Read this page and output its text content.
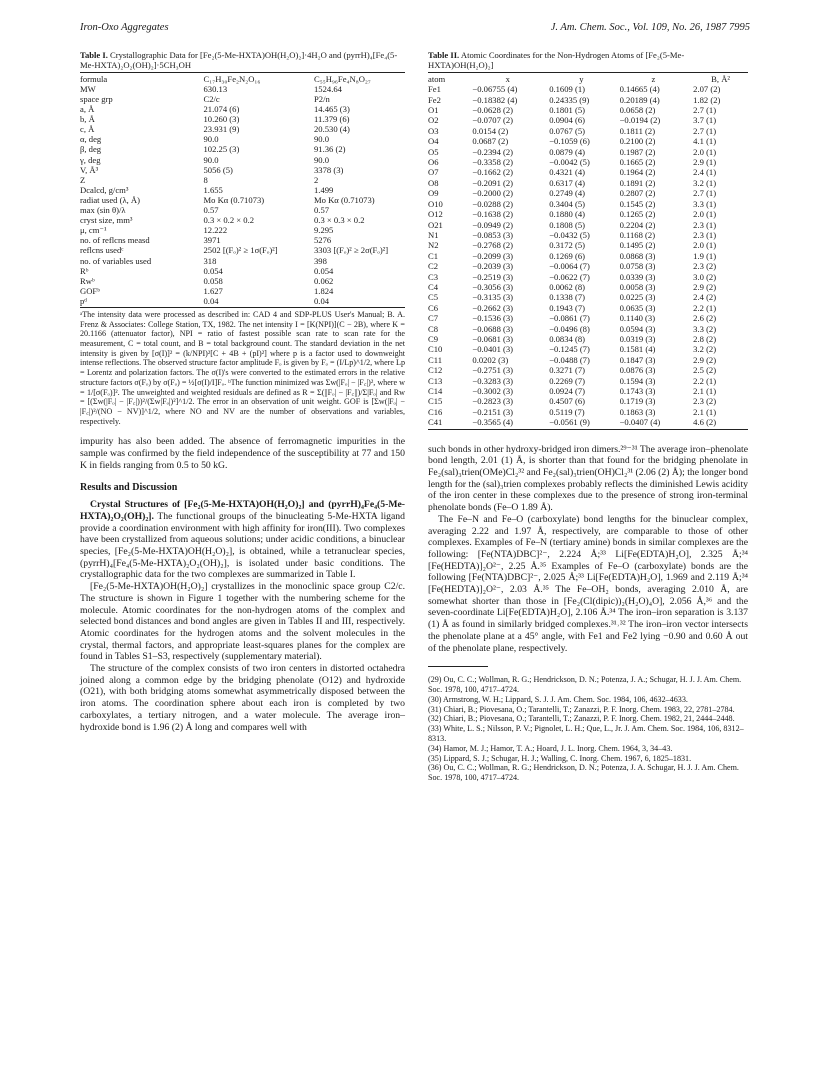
Iron-Oxo Aggregates	J. Am. Chem. Soc., Vol. 109, No. 26, 1987 7995
Table I. Crystallographic Data for [Fe₂(5-Me-HXTA)OH(H₂O)₂]·4H₂O and (pyrrH)₄[Fe₄(5-Me-HXTA)₂O₂(OH)₂]·5CH₃OH
formula	C₁₇H₃₀Fe₂N₂O₁₆	C₅₅H₉₆Fe₄N₈O₂₇
MW	630.13	1524.64
space grp	C2/c	P2/n
a, Å	21.074 (6)	14.465 (3)
b, Å	10.260 (3)	11.379 (6)
c, Å	23.931 (9)	20.530 (4)
α, deg	90.0	90.0
β, deg	102.25 (3)	91.36 (2)
γ, deg	90.0	90.0
V, Å³	5056 (5)	3378 (3)
Z	8	2
Dcalcd, g/cm³	1.655	1.499
radiat used (λ, Å)	Mo Kα (0.71073)	Mo Kα (0.71073)
max (sin θ)/λ	0.57	0.57
cryst size, mm³	0.3 × 0.2 × 0.2	0.3 × 0.3 × 0.2
μ, cm⁻¹	12.222	9.295
no. of reflcns measd	3971	5276
reflcns usedᶜ	2502 [(Fₒ)² ≥ 1σ(Fₒ)²]	3303 [(Fₒ)² ≥ 2σ(Fₒ)²]
no. of variables used	318	398

Rᵇ	0.054	0.054
Rwᵇ	0.058	0.062
GOFᵇ	1.627	1.824
pᵈ	0.04	0.04
ᵃThe intensity data were processed as described in: CAD 4 and SDP-PLUS User's Manual; B. A. Frenz & Associates: College Station, TX, 1982. The net intensity I = [K(NPI)](C − 2B), where K = 20.1166 (attenuator factor), NPI = ratio of fastest possible scan rate to scan rate for the measurement, C = total count, and B = total background count. The standard deviation in the net intensity is given by [σ(I)]² = (k/NPI)²[C + 4B + (pI)²] where p is a factor used to downweight intense reflections. The observed structure factor amplitude Fₒ is given by Fₒ = (I/Lp)^1/2, where Lp = Lorentz and polarization factors. The σ(I)'s were converted to the estimated errors in the relative structure factors σ(Fₒ) by σ(Fₒ) = ½[σ(I)/I]Fₒ. ᵇThe function minimized was Σw(|Fₒ| − |F꜀|)², where w = 1/[σ(Fₒ)]². The unweighted and weighted residuals are defined as R = Σ(||Fₒ| − |F꜀||)/Σ|Fₒ| and Rw = [(Σw(|Fₒ| − |F꜀|))²/(Σw|Fₒ|)²]^1/2. The error in an observation of unit weight. GOF is [Σw(|Fₒ| − |F꜀|)²/(NO − NV)]^1/2, where NO and NV are the number of observations and variables, respectively.

impurity has also been added. The absence of ferromagnetic impurities in the sample was confirmed by the field independence of the susceptibility at 77 and 150 K in fields ranging from 0.5 to 50 kG.

Results and Discussion

Crystal Structures of [Fe₂(5-Me-HXTA)OH(H₂O)₂] and (pyrrH)₄Fe₄(5-Me-HXTA)₂O₂(OH)₂]. The functional groups of the binucleating 5-Me-HXTA ligand provide a coordination environment with high affinity for iron(III). Two complexes have been crystallized from aqueous solutions; under acidic conditions, a binuclear species, [Fe₂(5-Me-HXTA)OH(H₂O)₂], is obtained, while a tetranuclear species, (pyrrH)₄[Fe₄(5-Me-HXTA)₂O₂(OH)₂], is isolated under basic conditions. The crystallographic data for the two complexes are summarized in Table I.

[Fe₂(5-Me-HXTA)OH(H₂O)₂] crystallizes in the monoclinic space group C2/c. The structure is shown in Figure 1 together with the numbering scheme for the molecule. Atomic coordinates for the non-hydrogen atoms of the complex and selected bond distances and bond angles are given in Tables II and III, respectively. Atomic coordinates for the hydrogen atoms and the solvent molecules in the crystal, thermal factors, and appropriate least-squares planes for the complex are found in Tables S1–S3, respectively (supplementary material).

The structure of the complex consists of two iron centers in distorted octahedra joined along a common edge by the bridging phenolate (O12) and hydroxide (O21), with both bridging atoms somewhat asymmetrically disposed between the iron atoms. The coordination sphere about each iron is completed by two carboxylates, a tertiary nitrogen, and a water molecule. The average iron–hydroxide bond is 1.96 (2) Å long and compares well with

Table II. Atomic Coordinates for the Non-Hydrogen Atoms of [Fe₂(5-Me-HXTA)OH(H₂O)₂]
atom	x	y	z	B, Å²
Fe1	−0.06755 (4)	0.1609 (1)	0.14665 (4)	2.07 (2)
Fe2	−0.18382 (4)	0.24335 (9)	0.20189 (4)	1.82 (2)
O1	−0.0628 (2)	0.1801 (5)	0.0658 (2)	2.7 (1)
O2	−0.0707 (2)	0.0904 (6)	−0.0194 (2)	3.7 (1)
O3	0.0154 (2)	0.0767 (5)	0.1811 (2)	2.7 (1)
O4	0.0687 (2)	−0.1059 (6)	0.2100 (2)	4.1 (1)
O5	−0.2394 (2)	0.0879 (4)	0.1987 (2)	2.0 (1)
O6	−0.3358 (2)	−0.0042 (5)	0.1665 (2)	2.9 (1)
O7	−0.1662 (2)	0.4321 (4)	0.1964 (2)	2.4 (1)
O8	−0.2091 (2)	0.6317 (4)	0.1891 (2)	3.2 (1)
O9	−0.2000 (2)	0.2749 (4)	0.2807 (2)	2.7 (1)
O10	−0.0288 (2)	0.3404 (5)	0.1545 (2)	3.3 (1)
O12	−0.1638 (2)	0.1880 (4)	0.1265 (2)	2.0 (1)
O21	−0.0949 (2)	0.1808 (5)	0.2204 (2)	2.3 (1)
N1	−0.0853 (3)	−0.0432 (5)	0.1168 (2)	2.3 (1)
N2	−0.2768 (2)	0.3172 (5)	0.1495 (2)	2.0 (1)
C1	−0.2099 (3)	0.1269 (6)	0.0868 (3)	1.9 (1)
C2	−0.2039 (3)	−0.0064 (7)	0.0758 (3)	2.3 (2)
C3	−0.2519 (3)	−0.0622 (7)	0.0339 (3)	3.0 (2)
C4	−0.3056 (3)	0.0062 (8)	0.0058 (3)	2.9 (2)
C5	−0.3135 (3)	0.1338 (7)	0.0225 (3)	2.4 (2)
C6	−0.2662 (3)	0.1943 (7)	0.0635 (3)	2.2 (1)
C7	−0.1536 (3)	−0.0861 (7)	0.1140 (3)	2.6 (2)
C8	−0.0688 (3)	−0.0496 (8)	0.0594 (3)	3.3 (2)
C9	−0.0681 (3)	0.0834 (8)	0.0319 (3)	2.8 (2)
C10	−0.0401 (3)	−0.1245 (7)	0.1581 (4)	3.2 (2)
C11	0.0202 (3)	−0.0488 (7)	0.1847 (3)	2.9 (2)
C12	−0.2751 (3)	0.3271 (7)	0.0876 (3)	2.5 (2)
C13	−0.3283 (3)	0.2269 (7)	0.1594 (3)	2.2 (1)
C14	−0.3002 (3)	0.0924 (7)	0.1743 (3)	2.1 (1)
C15	−0.2823 (3)	0.4507 (6)	0.1719 (3)	2.3 (2)
C16	−0.2151 (3)	0.5119 (7)	0.1863 (3)	2.1 (1)
C41	−0.3565 (4)	−0.0561 (9)	−0.0407 (4)	4.6 (2)

such bonds in other hydroxy-bridged iron dimers.²⁹⁻³¹ The average iron–phenolate bond length, 2.01 (1) Å, is shorter than that found for the bridging phenolate in Fe₂(sal)₃trien(OMe)Cl₂³² and Fe₂(sal)₃trien(OH)Cl₂³¹ (2.06 (2) Å); the longer bond length for the (sal)₃trien complexes probably reflects the diminished Lewis acidity of the iron center in these complexes due to the presence of strong iron-terminal phenolate bonds (Fe–O 1.89 Å).

The Fe–N and Fe–O (carboxylate) bond lengths for the binuclear complex, averaging 2.22 and 1.97 Å, respectively, are comparable to those of other complexes. Examples of Fe–N (tertiary amine) bonds in similar complexes are the following: [Fe(NTA)DBC]²⁻, 2.224 Å;³³ Li[Fe(EDTA)H₂O], 2.325 Å;³⁴ [Fe(HEDTA)]₂O²⁻, 2.25 Å.³⁵ Examples of Fe–O (carboxylate) bonds are the following [Fe(NTA)DBC]²⁻, 2.025 Å;³³ Li[Fe(EDTA)H₂O], 1.969 and 2.119 Å;³⁴ [Fe(HEDTA)]₂O²⁻, 2.03 Å.³⁵ The Fe–OH₂ bonds, averaging 2.010 Å, are somewhat shorter than those in [Fe₂(Cl(dipic))₂(H₂O)₄O], 2.056 Å,³⁶ and the seven-coordinate Li[Fe(EDTA)H₂O], 2.106 Å.³⁴ The iron–iron separation is 3.137 (1) Å as found in similarly bridged complexes.³¹˒³² The iron–iron vector intersects the phenolate plane at a 45° angle, with Fe1 and Fe2 lying −0.90 and 0.60 Å out of the phenolate plane, respectively.

(29) Ou, C. C.; Wollman, R. G.; Hendrickson, D. N.; Potenza, J. A.; Schugar, H. J. J. Am. Chem. Soc. 1978, 100, 4717–4724.
(30) Armstrong, W. H.; Lippard, S. J. J. Am. Chem. Soc. 1984, 106, 4632–4633.
(31) Chiari, B.; Piovesana, O.; Tarantelli, T.; Zanazzi, P. F. Inorg. Chem. 1983, 22, 2781–2784.
(32) Chiari, B.; Piovesana, O.; Tarantelli, T.; Zanazzi, P. F. Inorg. Chem. 1982, 21, 2444–2448.
(33) White, L. S.; Nilsson, P. V.; Pignolet, L. H.; Que, L., Jr. J. Am. Chem. Soc. 1984, 106, 8312–8313.
(34) Hamor, M. J.; Hamor, T. A.; Hoard, J. L. Inorg. Chem. 1964, 3, 34–43.
(35) Lippard, S. J.; Schugar, H. J.; Walling, C. Inorg. Chem. 1967, 6, 1825–1831.
(36) Ou, C. C.; Wollman, R. G.; Hendrickson, D. N.; Potenza, J. A. Schugar, H. J. J. Am. Chem. Soc. 1978, 100, 4717–4724.
